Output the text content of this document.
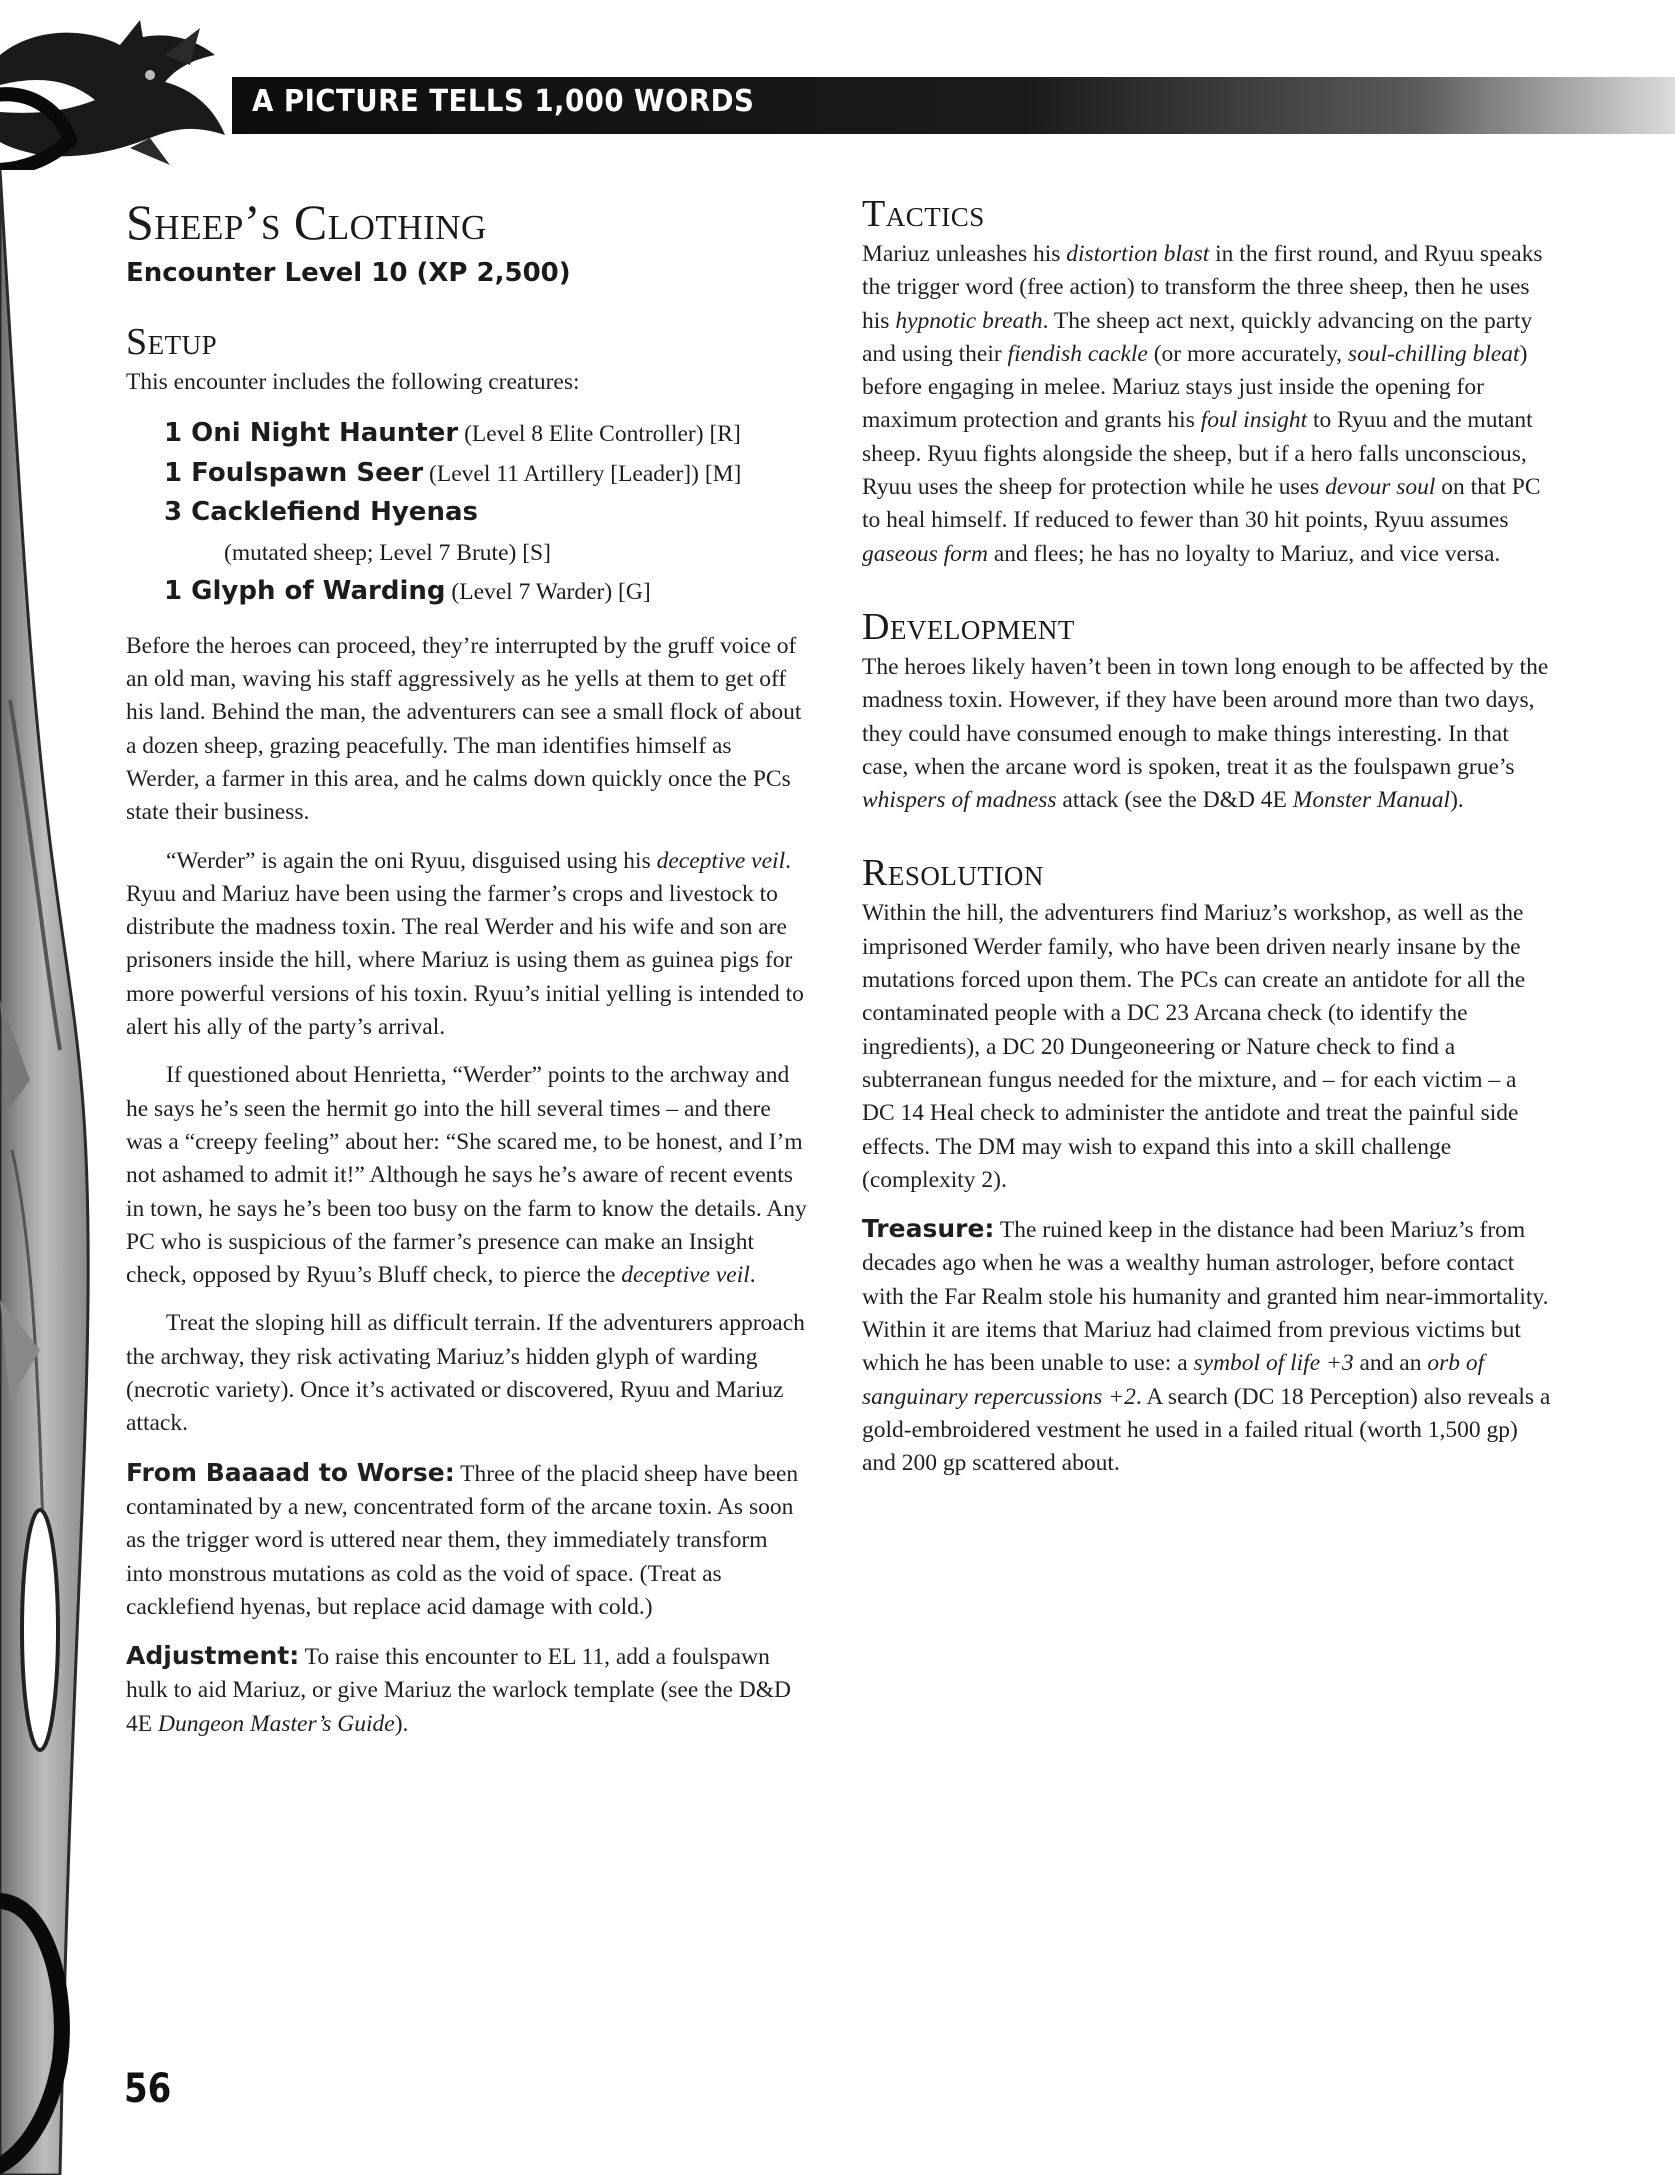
A PICTURE TELLS 1,000 WORDS
Sheep’s Clothing
Encounter Level 10 (XP 2,500)
Setup

This encounter includes the following creatures:

1 Oni Night Haunter (Level 8 Elite Controller) [R]
1 Foulspawn Seer (Level 11 Artillery [Leader]) [M]
3 Cacklefiend Hyenas
(mutated sheep; Level 7 Brute) [S]
1 Glyph of Warding (Level 7 Warder) [G]

Before the heroes can proceed, they’re interrupted by the gruff voice of an old man, waving his staff aggressively as he yells at them to get off his land. Behind the man, the adventurers can see a small flock of about a dozen sheep, grazing peacefully. The man identifies himself as Werder, a farmer in this area, and he calms down quickly once the PCs state their business.

“Werder” is again the oni Ryuu, disguised using his deceptive veil. Ryuu and Mariuz have been using the farmer’s crops and livestock to distribute the madness toxin. The real Werder and his wife and son are prisoners inside the hill, where Mariuz is using them as guinea pigs for more powerful versions of his toxin. Ryuu’s initial yelling is intended to alert his ally of the party’s arrival.

If questioned about Henrietta, “Werder” points to the archway and he says he’s seen the hermit go into the hill several times – and there was a “creepy feeling” about her: “She scared me, to be honest, and I’m not ashamed to admit it!” Although he says he’s aware of recent events in town, he says he’s been too busy on the farm to know the details. Any PC who is suspicious of the farmer’s presence can make an Insight check, opposed by Ryuu’s Bluff check, to pierce the deceptive veil.

Treat the sloping hill as difficult terrain. If the adventurers approach the archway, they risk activating Mariuz’s hidden glyph of warding (necrotic variety). Once it’s activated or discovered, Ryuu and Mariuz attack.

From Baaaad to Worse: Three of the placid sheep have been contaminated by a new, concentrated form of the arcane toxin. As soon as the trigger word is uttered near them, they immediately transform into monstrous mutations as cold as the void of space. (Treat as cacklefiend hyenas, but replace acid damage with cold.)

Adjustment: To raise this encounter to EL 11, add a foulspawn hulk to aid Mariuz, or give Mariuz the warlock template (see the D&D 4E Dungeon Master’s Guide).

Tactics

Mariuz unleashes his distortion blast in the first round, and Ryuu speaks the trigger word (free action) to transform the three sheep, then he uses his hypnotic breath. The sheep act next, quickly advancing on the party and using their fiendish cackle (or more accurately, soul-chilling bleat) before engaging in melee. Mariuz stays just inside the opening for maximum protection and grants his foul insight to Ryuu and the mutant sheep. Ryuu fights alongside the sheep, but if a hero falls unconscious, Ryuu uses the sheep for protection while he uses devour soul on that PC to heal himself. If reduced to fewer than 30 hit points, Ryuu assumes gaseous form and flees; he has no loyalty to Mariuz, and vice versa.

Development

The heroes likely haven’t been in town long enough to be affected by the madness toxin. However, if they have been around more than two days, they could have consumed enough to make things interesting. In that case, when the arcane word is spoken, treat it as the foulspawn grue’s whispers of madness attack (see the D&D 4E Monster Manual).

Resolution

Within the hill, the adventurers find Mariuz’s workshop, as well as the imprisoned Werder family, who have been driven nearly insane by the mutations forced upon them. The PCs can create an antidote for all the contaminated people with a DC 23 Arcana check (to identify the ingredients), a DC 20 Dungeoneering or Nature check to find a subterranean fungus needed for the mixture, and – for each victim – a DC 14 Heal check to administer the antidote and treat the painful side effects. The DM may wish to expand this into a skill challenge (complexity 2).

Treasure: The ruined keep in the distance had been Mariuz’s from decades ago when he was a wealthy human astrologer, before contact with the Far Realm stole his humanity and granted him near-immortality. Within it are items that Mariuz had claimed from previous victims but which he has been unable to use: a symbol of life +3 and an orb of sanguinary repercussions +2. A search (DC 18 Perception) also reveals a gold-embroidered vestment he used in a failed ritual (worth 1,500 gp) and 200 gp scattered about.

56
